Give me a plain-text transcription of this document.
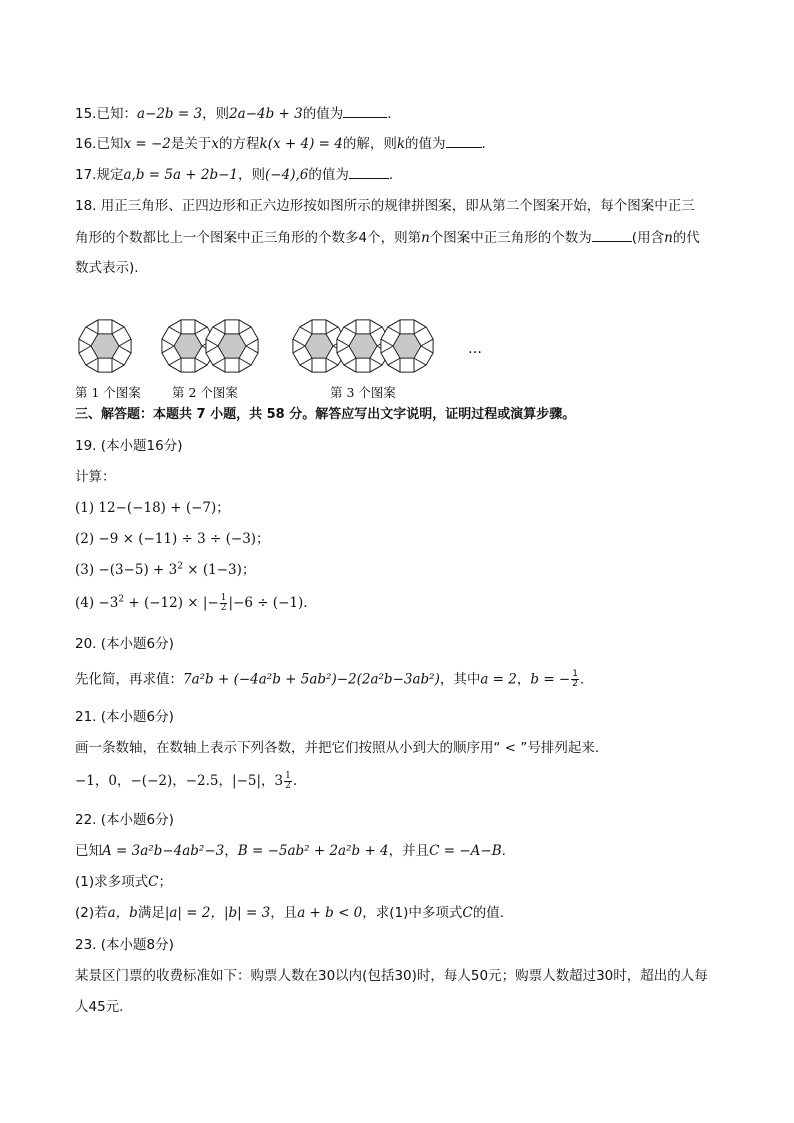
15.已知：a−2b = 3，则2a−4b + 3的值为	.
16.已知x = −2是关于x的方程k(x + 4) = 4的解，则k的值为	.
17.规定a,b = 5a + 2b−1，则(−4),6的值为	.
18. 用正三角形、正四边形和正六边形按如图所示的规律拼图案，即从第二个图案开始，每个图案中正三
角形的个数都比上一个图案中正三角形的个数多4个，则第n个图案中正三角形的个数为	(用含n的代
数式表示).
…
第 1 个图案 第 2 个图案	第 3 个图案
三、解答题：本题共 7 小题，共 58 分。解答应写出文字说明，证明过程或演算步骤。
19. (本小题16分)
计算：
(1) 12−(−18) + (−7)；
(2) −9 × (−11) ÷ 3 ÷ (−3)；
$(3) -(3-5) + 3^2 \times (1-3)$；
$(4) -3^2 + (-12)$ × |− $\frac{1}{2} |-6 \div (-1)$.
20. (本小题6分)
先化简，再求值：7a²b + (−4a²b + 5ab²)−2(2a²b−3ab²)，其中a = 2，b = − $\frac{1}{2}$ .
21. (本小题6分)
画一条数轴，在数轴上表示下列各数，并把它们按照从小到大的顺序用“ < ”号排列起来.
−1，0，−(−2)，−2.5，|−5|，$3 \frac{1}{2}$ .
22. (本小题6分)
已知A = 3a²b−4ab²−3，B = −5ab² + 2a²b + 4，并且C = −A−B.
(1)求多项式C；
(2)若a，b满足|a| = 2，|b| = 3，且a + b < 0，求(1)中多项式C的值.
23. (本小题8分)
某景区门票的收费标准如下：购票人数在30以内(包括30)时，每人50元；购票人数超过30时，超出的人每
人45元.
